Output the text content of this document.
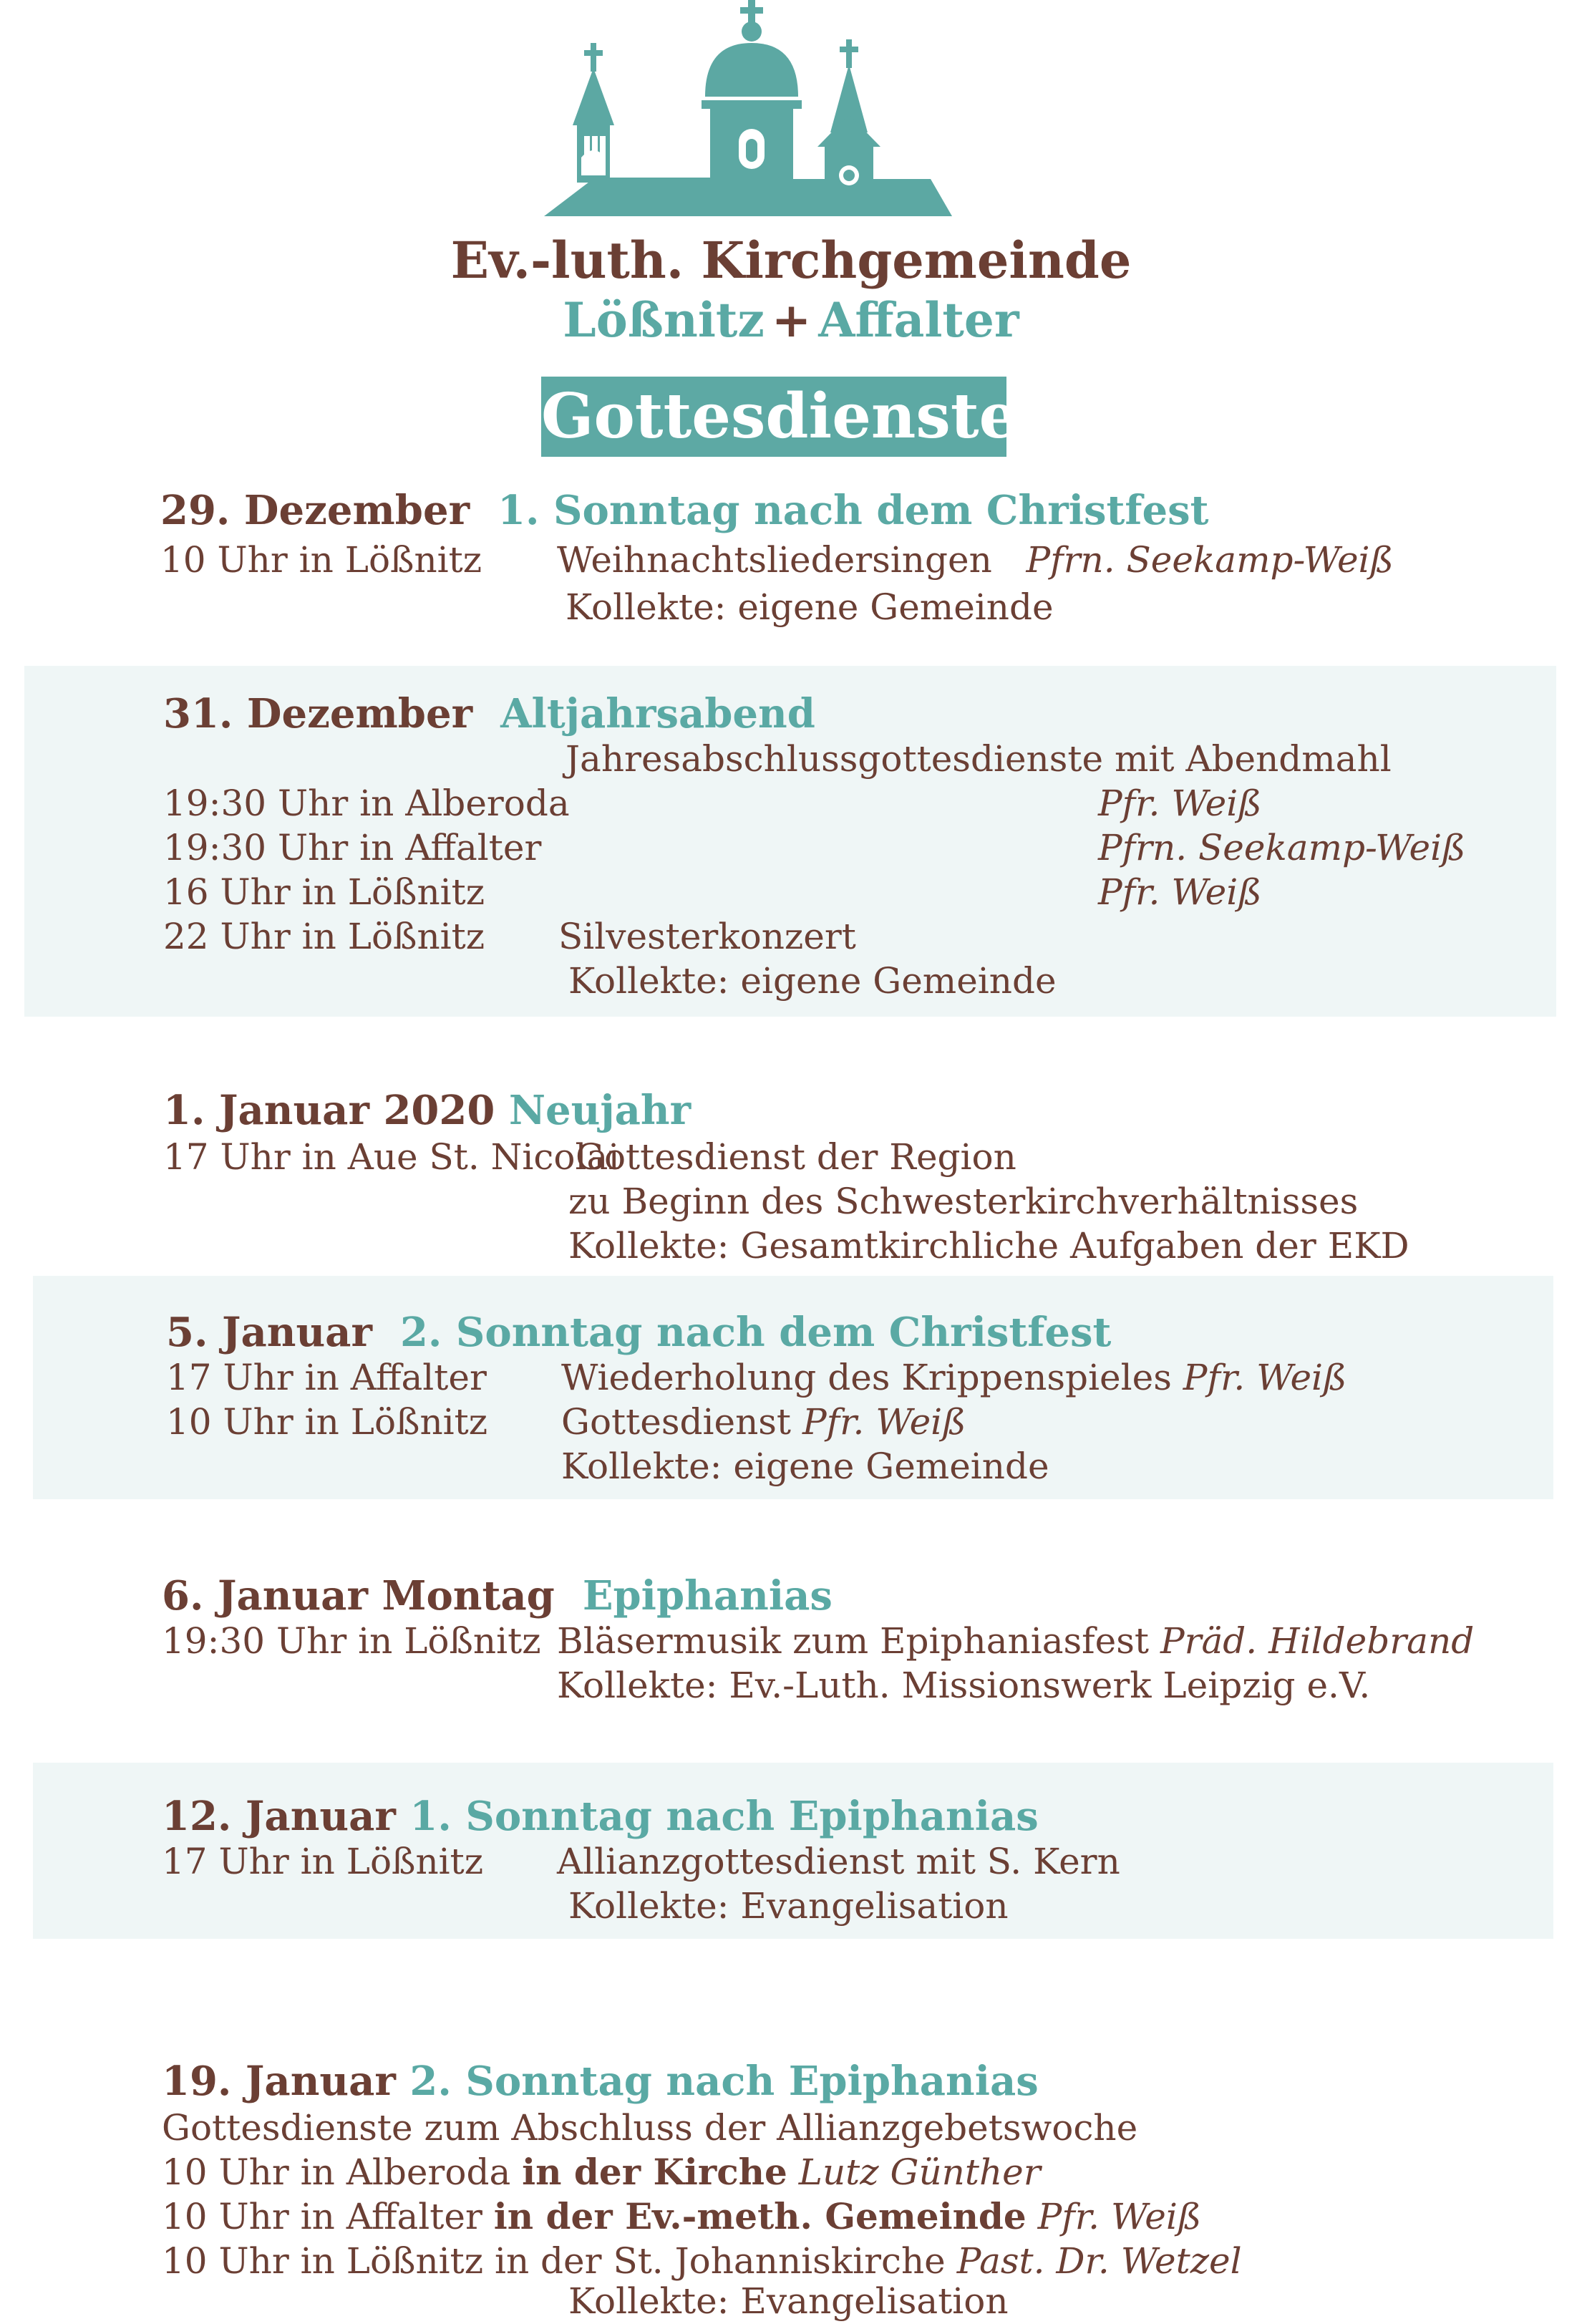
Ev.-luth. Kirchgemeinde
Lößnitz + Affalter
Gottesdienste
29. Dezember 1. Sonntag nach dem Christfest
10 Uhr in Lößnitz Weihnachtsliedersingen Pfrn. Seekamp-Weiß
Kollekte: eigene Gemeinde
31. Dezember Altjahrsabend
Jahresabschlussgottesdienste mit Abendmahl
19:30 Uhr in Alberoda	Pfr. Weiß
19:30 Uhr in Affalter	Pfrn. Seekamp-Weiß
16 Uhr in Lößnitz	Pfr. Weiß
22 Uhr in Lößnitz Silvesterkonzert
Kollekte: eigene Gemeinde
1. Januar 2020 Neujahr
17 Uhr in Aue St. Nicolai
Gottesdienst der Region
zu Beginn des Schwesterkirchverhältnisses
Kollekte: Gesamtkirchliche Aufgaben der EKD
5. Januar 2. Sonntag nach dem Christfest
17 Uhr in Affalter Wiederholung des Krippenspieles Pfr. Weiß
10 Uhr in Lößnitz Gottesdienst Pfr. Weiß
Kollekte: eigene Gemeinde
6. Januar Montag Epiphanias
19:30 Uhr in Lößnitz Bläsermusik zum Epiphaniasfest Präd. Hildebrand
Kollekte: Ev.-Luth. Missionswerk Leipzig e.V.
12. Januar 1. Sonntag nach Epiphanias
17 Uhr in Lößnitz Allianzgottesdienst mit S. Kern
Kollekte: Evangelisation
19. Januar 2. Sonntag nach Epiphanias
Gottesdienste zum Abschluss der Allianzgebetswoche
10 Uhr in Alberoda in der Kirche Lutz Günther
10 Uhr in Affalter in der Ev.-meth. Gemeinde Pfr. Weiß
10 Uhr in Lößnitz in der St. Johanniskirche Past. Dr. Wetzel
Kollekte: Evangelisation
